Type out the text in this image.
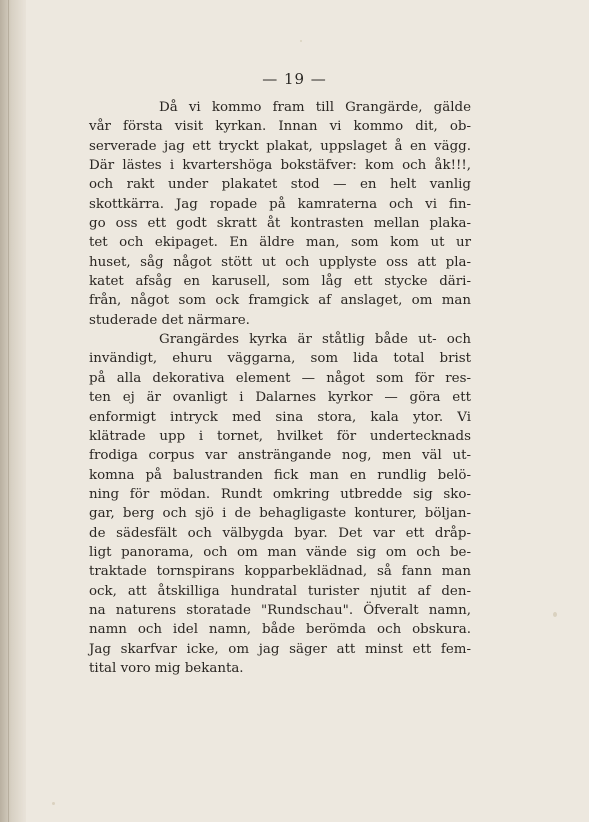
— 19 —
Då vi kommo fram till Grangärde, gälde
vår första visit kyrkan. Innan vi kommo dit, ob-
serverade jag ett tryckt plakat, uppslaget å en vägg.
Där lästes i kvartershöga bokstäfver: kom och åk!!!,
och rakt under plakatet stod — en helt vanlig
skottkärra. Jag ropade på kamraterna och vi fin-
go oss ett godt skratt åt kontrasten mellan plaka-
tet och ekipaget. En äldre man, som kom ut ur
huset, såg något stött ut och upplyste oss att pla-
katet afsåg en karusell, som låg ett stycke däri-
från, något som ock framgick af anslaget, om man
studerade det närmare.
Grangärdes kyrka är ståtlig både ut- och
invändigt, ehuru väggarna, som lida total brist
på alla dekorativa element — något som för res-
ten ej är ovanligt i Dalarnes kyrkor — göra ett
enformigt intryck med sina stora, kala ytor. Vi
klätrade upp i tornet, hvilket för undertecknads
frodiga corpus var ansträngande nog, men väl ut-
komna på balustranden fick man en rundlig belö-
ning för mödan. Rundt omkring utbredde sig sko-
gar, berg och sjö i de behagligaste konturer, böljan-
de sädesfält och välbygda byar. Det var ett dråp-
ligt panorama, och om man vände sig om och be-
traktade tornspirans kopparbeklädnad, så fann man
ock, att åtskilliga hundratal turister njutit af den-
na naturens storatade "Rundschau". Öfveralt namn,
namn och idel namn, både berömda och obskura.
Jag skarfvar icke, om jag säger att minst ett fem-
tital voro mig bekanta.
